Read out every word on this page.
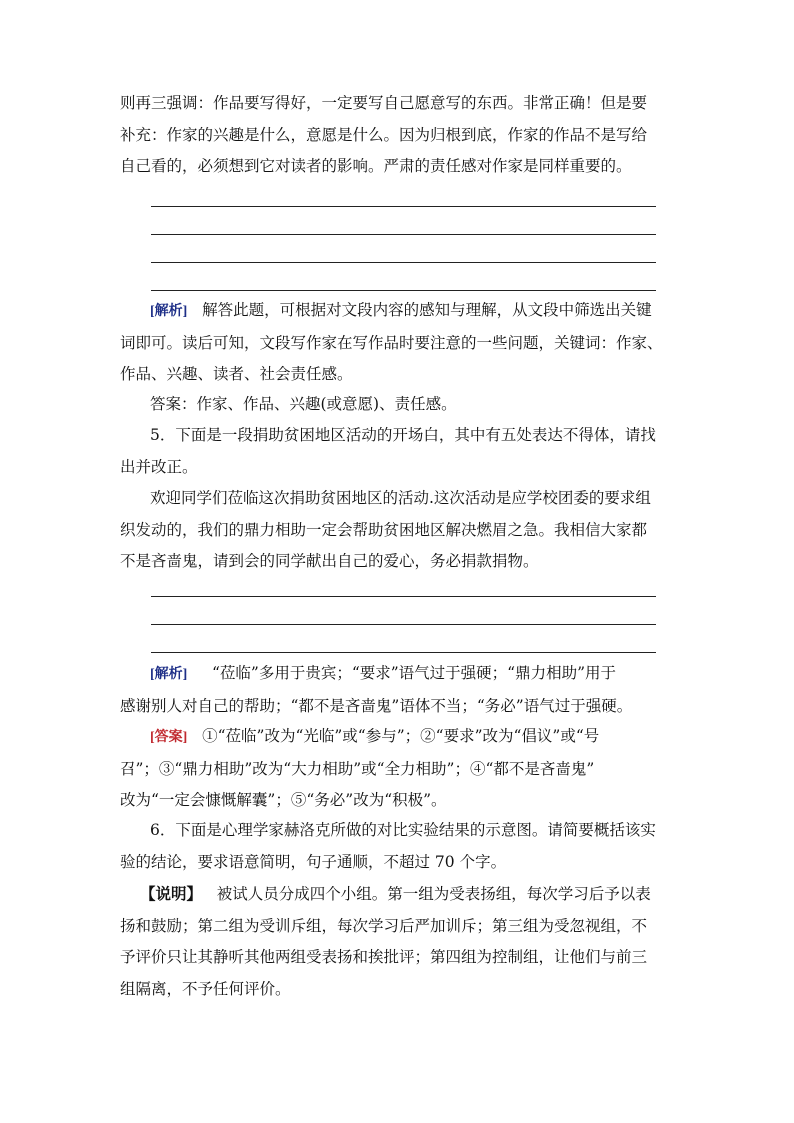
则再三强调：作品要写得好，一定要写自己愿意写的东西。非常正确！但是要
补充：作家的兴趣是什么，意愿是什么。因为归根到底，作家的作品不是写给
自己看的，必须想到它对读者的影响。严肃的责任感对作家是同样重要的。
[解析] 解答此题，可根据对文段内容的感知与理解，从文段中筛选出关键
词即可。读后可知，文段写作家在写作品时要注意的一些问题，关键词：作家、
作品、兴趣、读者、社会责任感。
答案：作家、作品、兴趣(或意愿)、责任感。
5．下面是一段捐助贫困地区活动的开场白，其中有五处表达不得体，请找
出并改正。
欢迎同学们莅临这次捐助贫困地区的活动.这次活动是应学校团委的要求组
织发动的，我们的鼎力相助一定会帮助贫困地区解决燃眉之急。我相信大家都
不是吝啬鬼，请到会的同学献出自己的爱心，务必捐款捐物。
[解析] “莅临”多用于贵宾；“要求”语气过于强硬；“鼎力相助”用于
感谢别人对自己的帮助；“都不是吝啬鬼”语体不当；“务必”语气过于强硬。
[答案] ①“莅临”改为“光临”或“参与”；②“要求”改为“倡议”或“号
召”；③“鼎力相助”改为“大力相助”或“全力相助”；④“都不是吝啬鬼”
改为“一定会慷慨解囊”；⑤“务必”改为“积极”。
6．下面是心理学家赫洛克所做的对比实验结果的示意图。请简要概括该实
验的结论，要求语意简明，句子通顺，不超过 70 个字。
【说明】 被试人员分成四个小组。第一组为受表扬组，每次学习后予以表
扬和鼓励；第二组为受训斥组，每次学习后严加训斥；第三组为受忽视组，不
予评价只让其静听其他两组受表扬和挨批评；第四组为控制组，让他们与前三
组隔离，不予任何评价。
